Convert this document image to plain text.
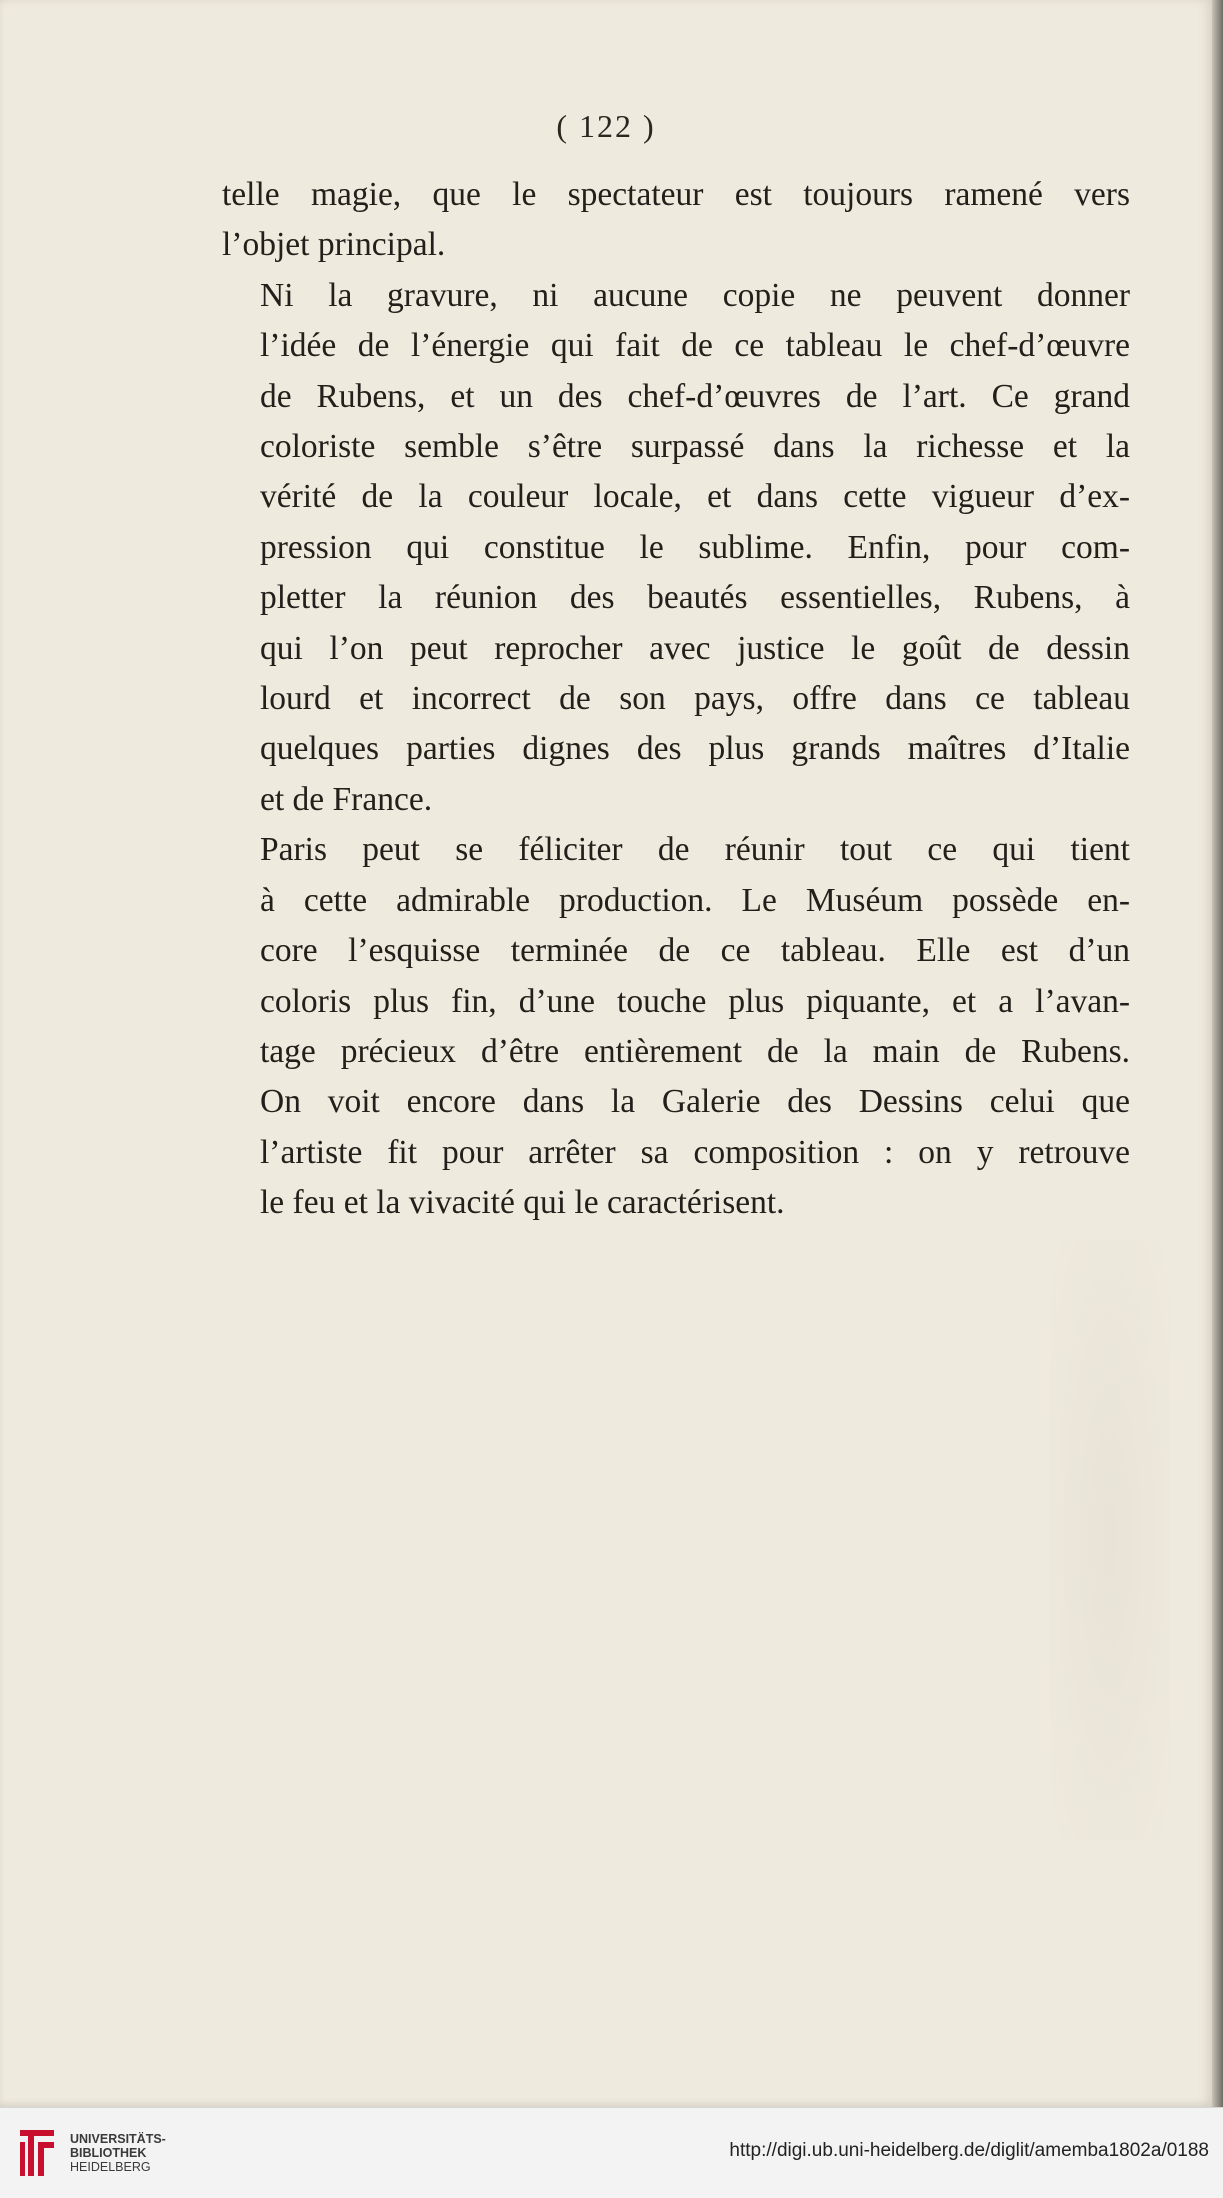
( 122 )

telle magie, que le spectateur est toujours ramené vers
l’objet principal.

Ni la gravure, ni aucune copie ne peuvent donner
l’idée de l’énergie qui fait de ce tableau le chef-d’œuvre
de Rubens, et un des chef-d’œuvres de l’art. Ce grand
coloriste semble s’être surpassé dans la richesse et la
vérité de la couleur locale, et dans cette vigueur d’ex-
pression qui constitue le sublime. Enfin, pour com-
pletter la réunion des beautés essentielles, Rubens, à
qui l’on peut reprocher avec justice le goût de dessin
lourd et incorrect de son pays, offre dans ce tableau
quelques parties dignes des plus grands maîtres d’Italie
et de France.

Paris peut se féliciter de réunir tout ce qui tient
à cette admirable production. Le Muséum possède en-
core l’esquisse terminée de ce tableau. Elle est d’un
coloris plus fin, d’une touche plus piquante, et a l’avan-
tage précieux d’être entièrement de la main de Rubens.
On voit encore dans la Galerie des Dessins celui que
l’artiste fit pour arrêter sa composition : on y retrouve
le feu et la vivacité qui le caractérisent.

UNIVERSITÄTS-
BIBLIOTHEK
HEIDELBERG
http://digi.ub.uni-heidelberg.de/diglit/amemba1802a/0188
